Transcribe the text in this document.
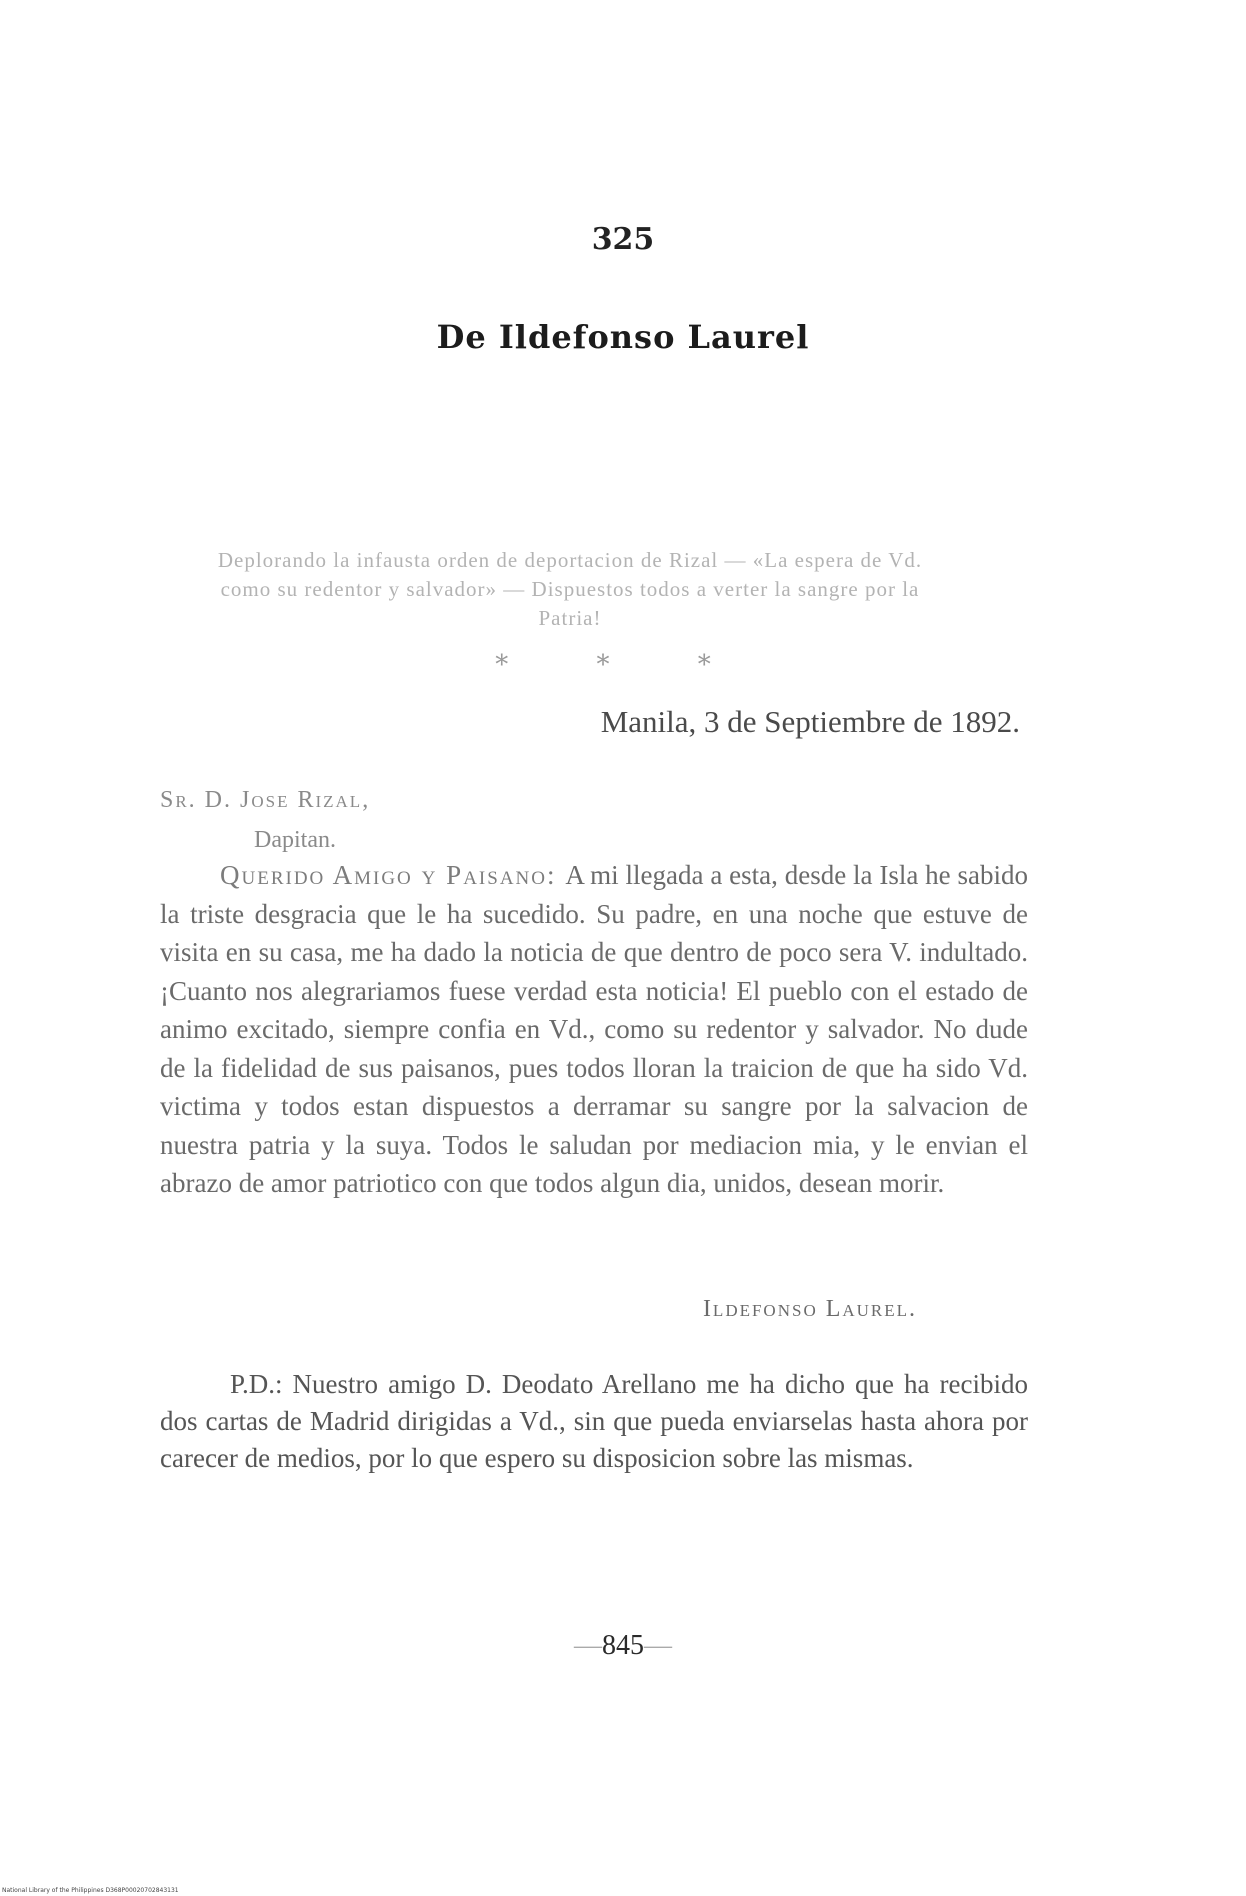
325
De Ildefonso Laurel
Deplorando la infausta orden de deportacion de Rizal — «La espera de Vd. como su redentor y salvador» — Dispuestos todos a verter la sangre por la Patria!
* * *
Manila, 3 de Septiembre de 1892.
Sr. D. Jose Rizal,
Dapitan.
Querido Amigo y Paisano: A mi llegada a esta, desde la Isla he sabido la triste desgracia que le ha sucedido. Su padre, en una noche que estuve de visita en su casa, me ha dado la noticia de que dentro de poco sera V. indultado. ¡Cuanto nos alegrariamos fuese verdad esta noticia! El pueblo con el estado de animo excitado, siempre confia en Vd., como su redentor y salvador. No dude de la fidelidad de sus paisanos, pues todos lloran la traicion de que ha sido Vd. victima y todos estan dispuestos a derramar su sangre por la salvacion de nuestra patria y la suya. Todos le saludan por mediacion mia, y le envian el abrazo de amor patriotico con que todos algun dia, unidos, desean morir.
Ildefonso Laurel.
P.D.: Nuestro amigo D. Deodato Arellano me ha dicho que ha recibido dos cartas de Madrid dirigidas a Vd., sin que pueda enviarselas hasta ahora por carecer de medios, por lo que espero su disposicion sobre las mismas.
—845—
National Library of the Philippines D368P00020702843131
